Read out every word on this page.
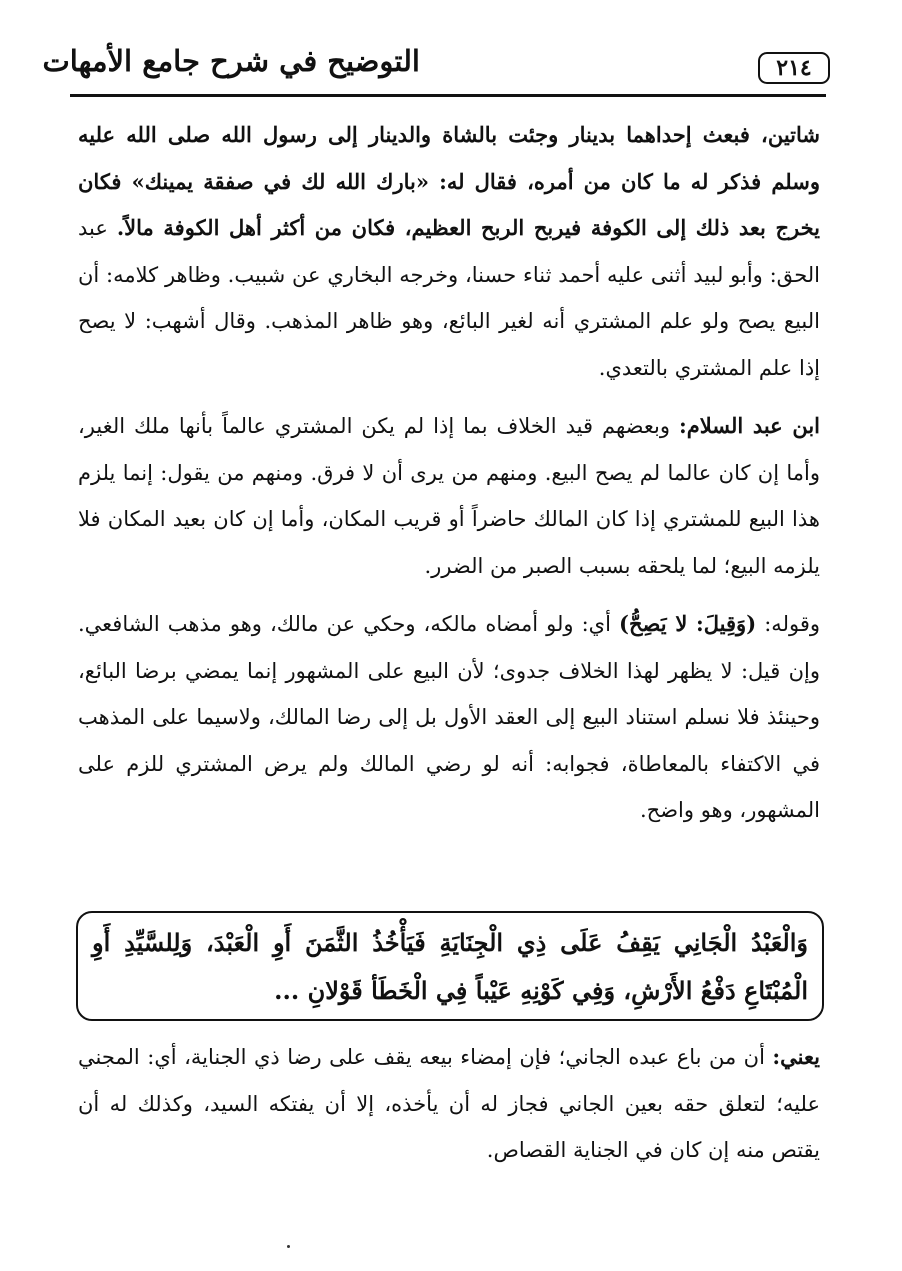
٢١٤
التوضيح في شرح جامع الأمهات

شاتين، فبعث إحداهما بدينار وجئت بالشاة والدينار إلى رسول الله صلى الله عليه وسلم فذكر له ما كان من أمره، فقال له: «بارك الله لك في صفقة يمينك» فكان يخرج بعد ذلك إلى الكوفة فيربح الربح العظيم، فكان من أكثر أهل الكوفة مالاً. عبد الحق: وأبو لبيد أثنى عليه أحمد ثناء حسنا، وخرجه البخاري عن شبيب. وظاهر كلامه: أن البيع يصح ولو علم المشتري أنه لغير البائع، وهو ظاهر المذهب. وقال أشهب: لا يصح إذا علم المشتري بالتعدي.

ابن عبد السلام: وبعضهم قيد الخلاف بما إذا لم يكن المشتري عالماً بأنها ملك الغير، وأما إن كان عالما لم يصح البيع. ومنهم من يرى أن لا فرق. ومنهم من يقول: إنما يلزم هذا البيع للمشتري إذا كان المالك حاضراً أو قريب المكان، وأما إن كان بعيد المكان فلا يلزمه البيع؛ لما يلحقه بسبب الصبر من الضرر.

وقوله: (وَقِيلَ: لا يَصِحُّ) أي: ولو أمضاه مالكه، وحكي عن مالك، وهو مذهب الشافعي. وإن قيل: لا يظهر لهذا الخلاف جدوى؛ لأن البيع على المشهور إنما يمضي برضا البائع، وحينئذ فلا نسلم استناد البيع إلى العقد الأول بل إلى رضا المالك، ولاسيما على المذهب في الاكتفاء بالمعاطاة، فجوابه: أنه لو رضي المالك ولم يرض المشتري للزم على المشهور، وهو واضح.

وَالْعَبْدُ الْجَانِي يَقِفُ عَلَى ذِي الْجِنَايَةِ فَيَأْخُذُ الثَّمَنَ أَوِ الْعَبْدَ، وَلِلسَّيِّدِ أَوِ الْمُبْتَاعِ دَفْعُ الأَرْشِ، وَفِي كَوْنِهِ عَيْباً فِي الْخَطَأ قَوْلانِ ...

يعني: أن من باع عبده الجاني؛ فإن إمضاء بيعه يقف على رضا ذي الجناية، أي: المجني عليه؛ لتعلق حقه بعين الجاني فجاز له أن يأخذه، إلا أن يفتكه السيد، وكذلك له أن يقتص منه إن كان في الجناية القصاص.
